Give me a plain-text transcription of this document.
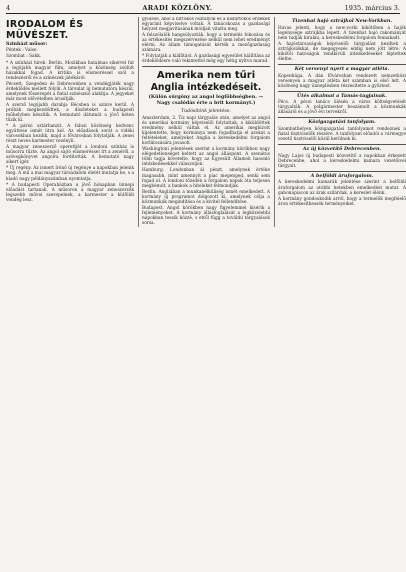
4	ARADI KÖZLÖNY.	1935. március 3.
IRODALOM ÉS MŰVÉSZET.
Szinházi műsor:
Péntek : Valse.
Szombat : Sakk.
* A színházi hírek. Berlin. Mozikban hatalmas sikerrel fut a legújabb magyar film, amelyet a közönség zsúfolt házakkal fogad. A kritika is elismeréssel szól a rendezésről és a színészek játékáról.
Pécsett, Szegeden és Debrecenben a vendégjáték nagy érdeklődés mellett folyik. A társulat új bemutatóra készül, amelynek főszerepét a fiatal színésznő alakítja. A jegyeket már most elővételben árusítják.
A szerző legújabb darabja Bécsben is színre kerül. A próbák megkezdődtek, a díszleteket a budapesti műhelyben készítik. A bemutató dátumát a jövő héten tűzik ki.
* A párisi sztárbanzit. A falusi közönség kedvenc együttese ismét útra kel. Az előadások sorát a vidéki városokban kezdik, majd a fővárosban folytatják. A zenei részt neves karmester vezényli.
A magyar zeneszerző operettjét a londoni színház is műsorra tűzte. Az angol sajtó elismeréssel írt a zenéről, a szövegkönyvet angolra fordították. A bemutató nagy sikert ígér.
* Új regény. Az ismert írónő új regénye a napokban jelenik meg. A mű a mai magyar társadalom életét mutatja be, s a kiadó nagy példányszámban nyomtatja.
* A budapesti Operaházban a jövő hónapban ünnepi előadást tartanak. A műsoron a magyar zeneszerzők legszebb művei szerepelnek, a karmester a külföldi vendég lesz.
gyűlése, ahol a birtokos osztályok és a kisbirtokos érdekek egyaránt képviselve voltak. A tanácskozás a gazdasági helyzet megjavításának módjait vitatta meg.
A felszólalók hangsúlyozták, hogy a termelés fokozása és az értékesítés megszervezése nélkül nem lehet eredményt elérni. Az állam támogatását kérték a mezőgazdaság számára.
* Folytatják a kiállítást. A gazdasági egyesület kiállítása az érdeklődésre való tekintettel még egy hétig nyitva marad.
Amerika nem tűri
Anglia intézkedéseit.
(Külön sürgöny az angol legfőbbségben. — Nagy csalódás érte a brit kormányt.)
Tudósítónk jelentése.
Amszterdam, 2. Tíz napi tárgyalás után, amelyet az angol és amerikai kormány képviselői folytattak, a kiküldöttek eredmény nélkül váltak el. Az amerikai megbízott kijelentette, hogy kormánya nem fogadhatja el azokat a feltételeket, amelyeket Anglia a kereskedelmi forgalom korlátozására javasolt.
Washingtoni jelentések szerint a kormány körökben nagy elégedetlenséget keltett az angol álláspont. A szenátus több tagja követelte, hogy az Egyesült Államok hasonló intézkedésekkel válaszoljon.
Hamburg. Londonban ál pénzt, amelynek értéke magasabb, mint amennyit a piac megenged, senki sem fogad el. A londoni tőzsdén a forgalom napok óta teljesen megbénult, a bankok a hiteleket felmondják.
Berlin. Angliában a munkanélküliség ismét emelkedett. A kormány új programot dolgozott ki, amelynek célja a közmunkák megindítása és a kivitel fellendítése.
Budapest. Angol körökben nagy figyelemmel kísérik a fejleményeket. A kormány állásfoglalását a legközelebbi napokban teszik közzé, s ettől függ a további tárgyalások sorsa.
Tizenhat hajó sztrájkol New-Yorkban.
Havas jelenti, hogy a new-yorki kikötőben a hajók legénysége sztrájkba lépett. A tizenhat hajó rakományát nem tudják kirakni, a kereskedelmi forgalom fennakadt.
A hajóstársaságok képviselői tárgyalást kezdtek a sztrájkolókkal, de megegyezés eddig nem jött létre. A kikötői hatóságok rendkívüli intézkedéseket léptettek életbe.
Két versenyt nyert a magyar atléta.
Kopenhága. A dán fővárosban rendezett nemzetközi versenyen a magyar atléta két számban is első lett. A közönség nagy ünneplésben részesítette a győztest.
Ütés alkalmat a Tamás-tagjainak.
Pécs. A pécsi tanács ülésén a város költségvetését tárgyalták. A polgármester beszámolt a közmunkák állásáról és a jövő évi tervekről.
Közigazgatási tanfolyam.
Szombathelyen közigazgatási tanfolyamot rendeznek a fiatal tisztviselők részére. A tanfolyam előadói a vármegye vezető tisztviselői közül kerülnek ki.
Az új közvetítő Debrecenben.
Nagy Lajos új budapesti közvetítő a napokban érkezett Debrecenbe, ahol a kereskedelmi kamara vezetőivel tárgyalt.
A belföldi áruforgalom.
A kereskedelmi kamarák jelentése szerint a belföldi áruforgalom az utóbbi hetekben emelkedést mutat. A gabonapiacon az árak szilárdak, a kereslet élénk.
A kormány gondoskodik arról, hogy a termelők megfelelő áron értékesíthessék terményeiket.
